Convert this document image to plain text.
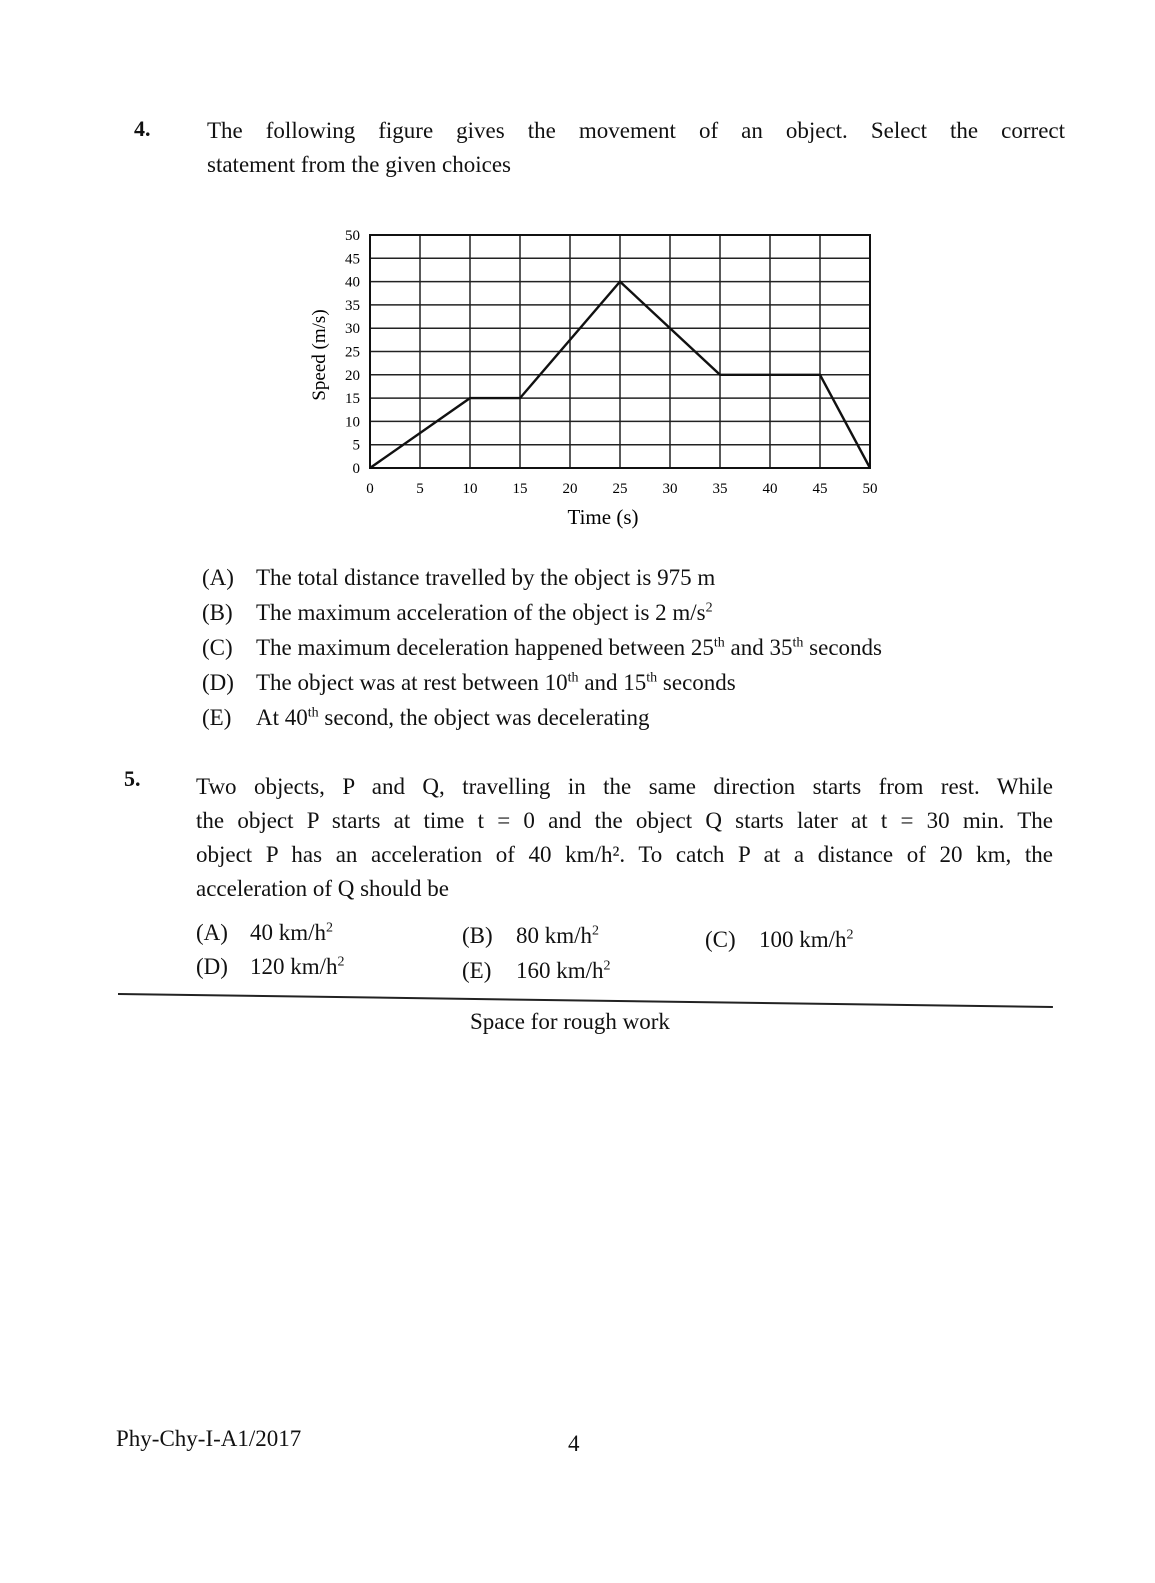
4. The following figure gives the movement of an object. Select the correct
statement from the given choices
0
5
10
15
20
25
30
35
40
45
50
0	5	10 15 20 25 30 35 40 45 50
Speed (m/s)
Time (s)
(A) The total distance travelled by the object is 975 m
(B) The maximum acceleration of the object is 2 $m/s^2$
(C) The maximum deceleration happened between 25th and 35th seconds
(D) The object was at rest between 10th and 15th seconds
(E) At 40th second, the object was decelerating
5. Two objects, P and Q, travelling in the same direction starts from rest. While
the object P starts at time t = 0 and the object Q starts later at t = 30 min. The
object P has an acceleration of 40 km/h². To catch P at a distance of 20 km, the
acceleration of Q should be
(A) 40 $km/h^2$	(B) 80 $km/h^2$	(C) 100 $km/h^2$
(D) 120 $km/h^2$	(E) 160 $km/h^2$
Space for rough work
Phy-Chy-I-A1/2017	4
